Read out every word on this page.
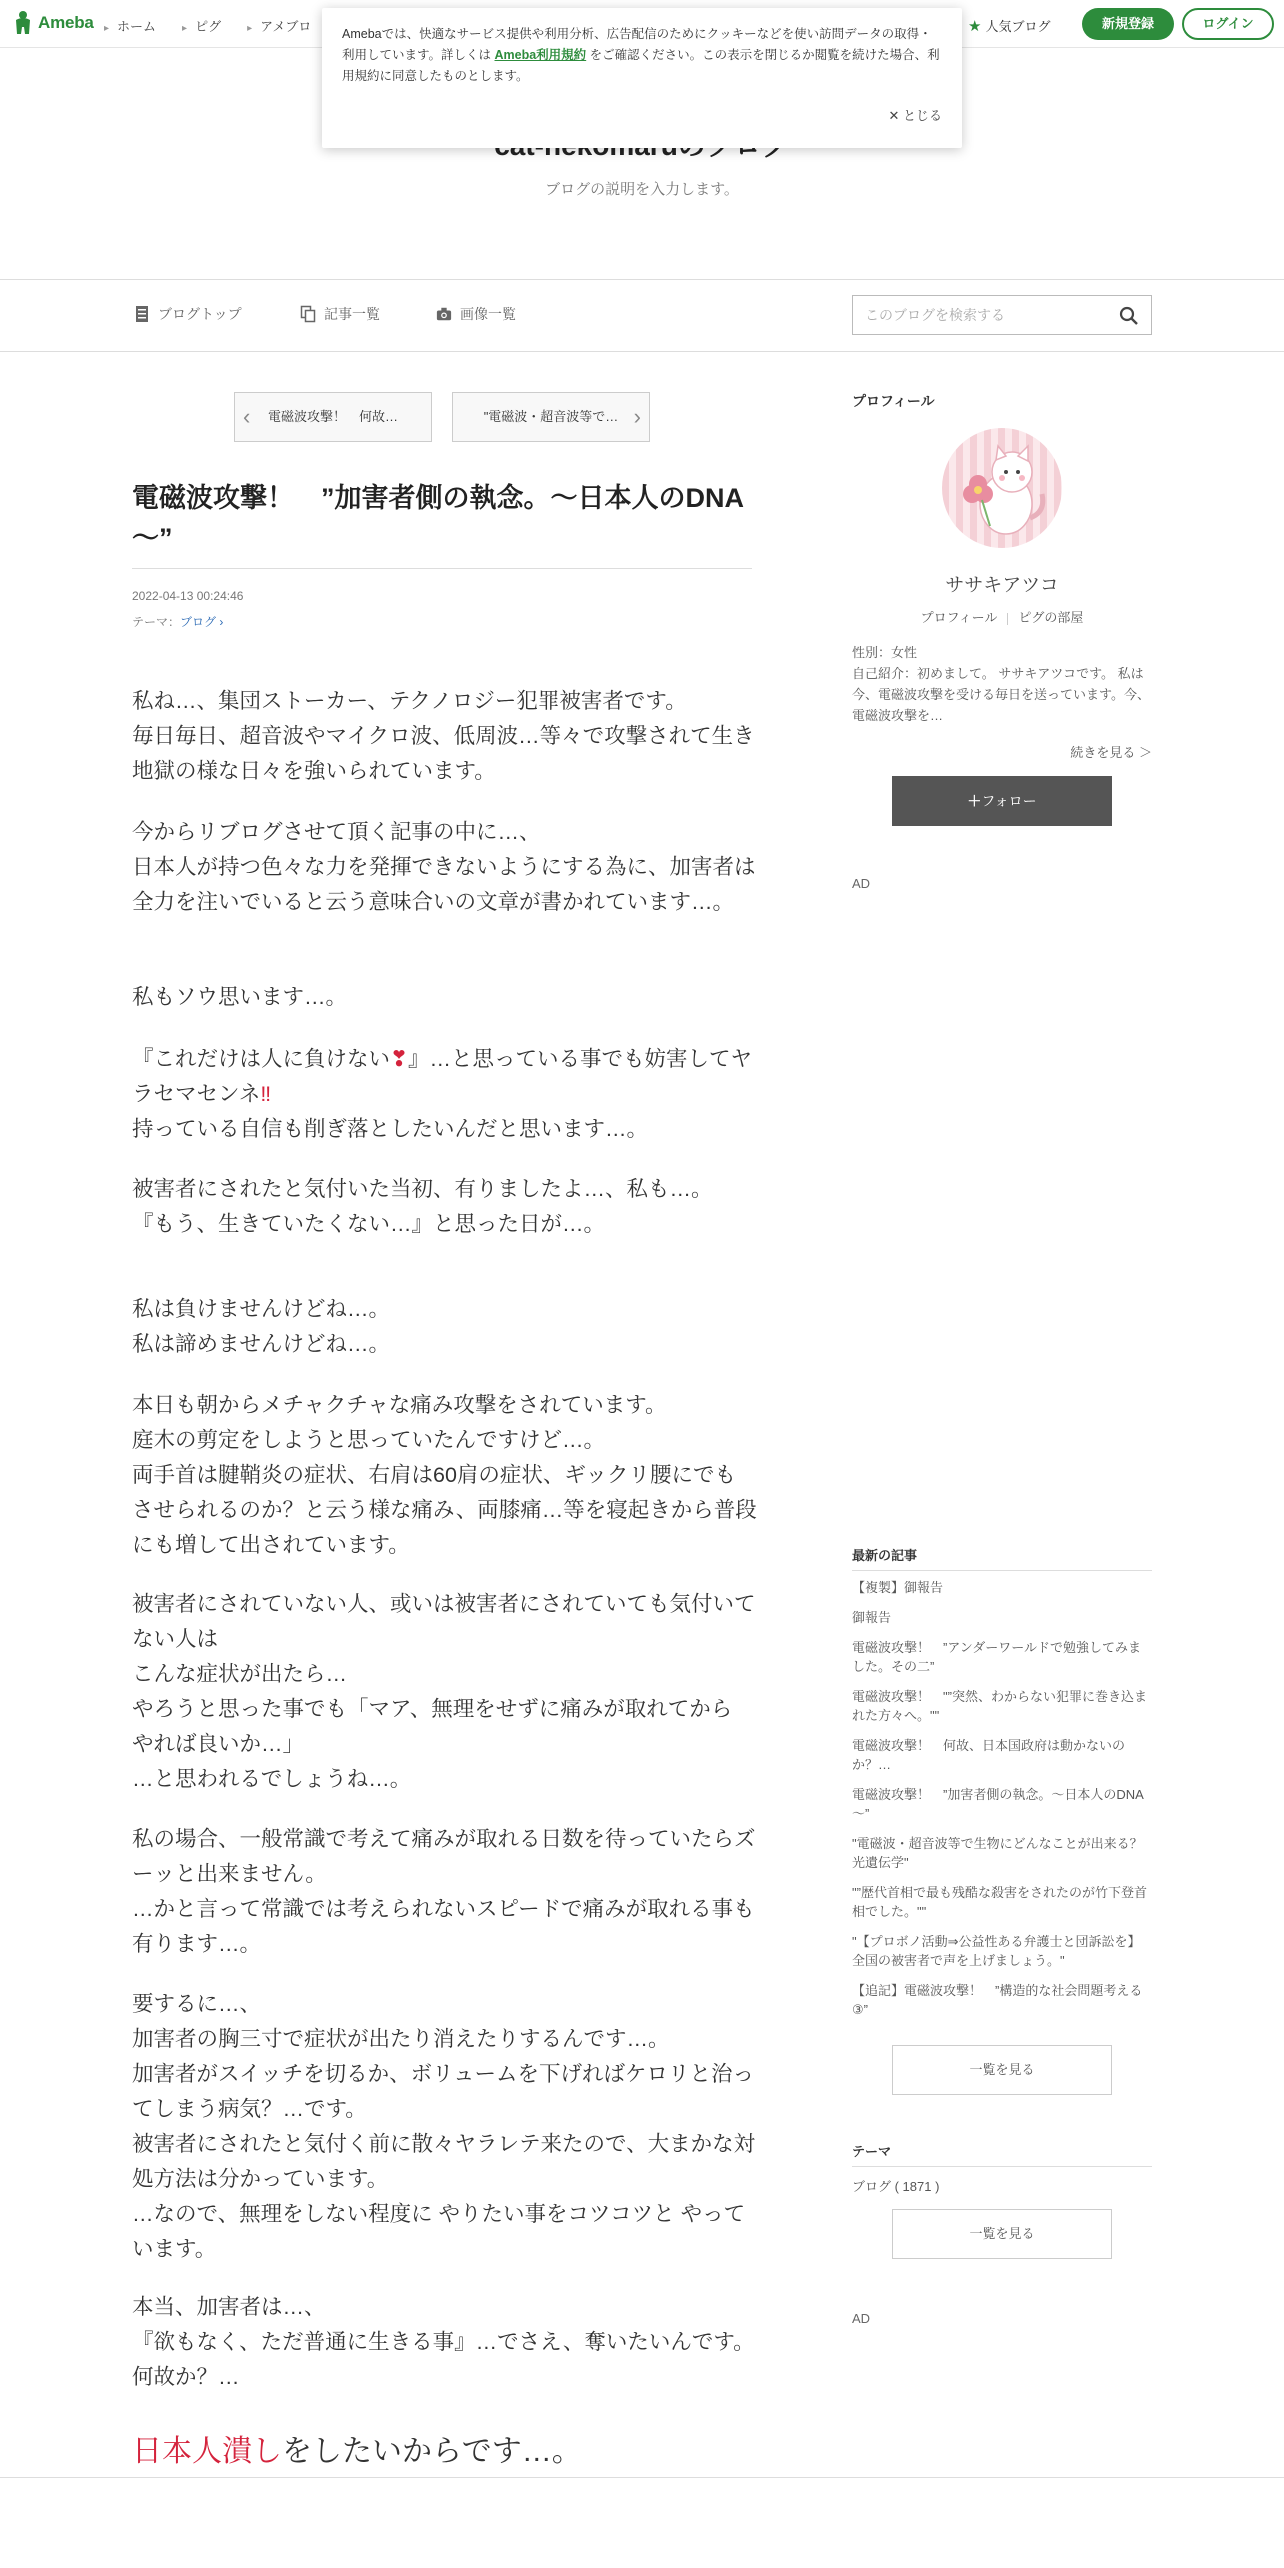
Ameba	▸ ホーム	▸ ピグ	▸ アメブロ	★ 人気ブログ	新規登録	ログイン

Amebaでは、快適なサービス提供や利用分析、広告配信のためにクッキーなどを使い訪問データの取得・利用しています。詳しくは Ameba利用規約 をご確認ください。この表示を閉じるか閲覧を続けた場合、利用規約に同意したものとします。

✕ とじる
ブログの説明を入力します。
ブログトップ	記事一覧	画像一覧
このブログを検索する
‹ 電磁波攻撃！　何故…	"電磁波・超音波等で… ›
電磁波攻撃！　”加害者側の執念。～日本人のDNA～”
2022-04-13 00:24:46
テーマ：ブログ ›
私ね…、集団ストーカー、テクノロジー犯罪被害者です。
毎日毎日、超音波やマイクロ波、低周波…等々で攻撃されて生き地獄の様な日々を強いられています。
今からリブログさせて頂く記事の中に…、
日本人が持つ色々な力を発揮できないようにする為に、加害者は全力を注いでいると云う意味合いの文章が書かれています…。
私もソウ思います…。
『これだけは人に負けない❣』…と思っている事でも妨害してヤラセマセンネ‼
持っている自信も削ぎ落としたいんだと思います…。
被害者にされたと気付いた当初、有りましたよ…、私も…。
『もう、生きていたくない…』と思った日が…。
私は負けませんけどね…。
私は諦めませんけどね…。
本日も朝からメチャクチャな痛み攻撃をされています。
庭木の剪定をしようと思っていたんですけど…。
両手首は腱鞘炎の症状、右肩は60肩の症状、ギックリ腰にでもさせられるのか？と云う様な痛み、両膝痛…等を寝起きから普段にも増して出されています。
被害者にされていない人、或いは被害者にされていても気付いてない人は
こんな症状が出たら…
やろうと思った事でも「マア、無理をせずに痛みが取れてから やれば良いか…」
…と思われるでしょうね…。
私の場合、一般常識で考えて痛みが取れる日数を待っていたらズーッと出来ません。
…かと言って常識では考えられないスピードで痛みが取れる事も有ります…。
要するに…、
加害者の胸三寸で症状が出たり消えたりするんです…。
加害者がスイッチを切るか、ボリュームを下げればケロリと治ってしまう病気？…です。
被害者にされたと気付く前に散々ヤラレテ来たので、大まかな対処方法は分かっています。
…なので、無理をしない程度に やりたい事をコツコツと やっています。
本当、加害者は…、
『欲もなく、ただ普通に生きる事』…でさえ、奪いたいんです。
何故か？…
日本人潰しをしたいからです…。
プロフィール
ササキアツコ
プロフィール ピグの部屋
性別：女性
自己紹介：初めまして。 ササキアツコです。 私は今、電磁波攻撃を受ける毎日を送っています。今、電磁波攻撃を…
続きを見る ＞
＋フォロー
AD
最新の記事
【複製】御報告
御報告
電磁波攻撃！　”アンダーワールドで勉強してみました。その二”
電磁波攻撃！　"”突然、わからない犯罪に巻き込まれた方々へ。""
電磁波攻撃！　何故、日本国政府は動かないのか？…
電磁波攻撃！　”加害者側の執念。～日本人のDNA～”
"電磁波・超音波等で生物にどんなことが出来る？光遺伝学"
"”歴代首相で最も残酷な殺害をされたのが竹下登首相でした。""
"【プロボノ活動⇒公益性ある弁護士と団訴訟を】全国の被害者で声を上げましょう。"
【追記】電磁波攻撃！　”構造的な社会問題考える③”
一覧を見る
テーマ
ブログ ( 1871 )
一覧を見る
AD
